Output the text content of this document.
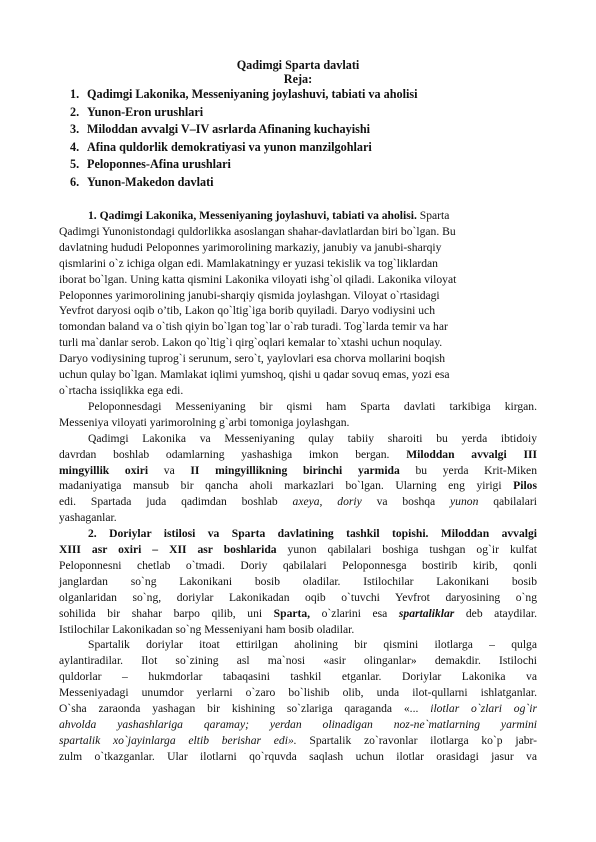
Qadimgi Sparta davlati
Reja:
1. Qadimgi Lakonika, Messeniyaning joylashuvi, tabiati va aholisi
2. Yunon-Eron urushlari
3. Miloddan avvalgi V–IV asrlarda Afinaning kuchayishi
4. Afina quldorlik demokratiyasi va yunon manzilgohlari
5. Peloponnes-Afina urushlari
6. Yunon-Makedon davlati

1. Qadimgi Lakonika, Messeniyaning joylashuvi, tabiati va aholisi. Sparta
Qadimgi Yunonistondagi quldorlikka asoslangan shahar-davlatlardan biri bo`lgan. Bu
davlatning hududi Peloponnes yarimorolining markaziy, janubiy va janubi-sharqiy
qismlarini o`z ichiga olgan edi. Mamlakatningy er yuzasi tekislik va tog`liklardan
iborat bo`lgan. Uning katta qismini Lakonika viloyati ishg`ol qiladi. Lakonika viloyat
Peloponnes yarimorolining janubi-sharqiy qismida joylashgan. Viloyat o`rtasidagi
Yevfrot daryosi oqib o’tib, Lakon qo`ltig`iga borib quyiladi. Daryo vodiysini uch
tomondan baland va o`tish qiyin bo`lgan tog`lar o`rab turadi. Tog`larda temir va har
turli ma`danlar serob. Lakon qo`ltig`i qirg`oqlari kemalar to`xtashi uchun noqulay.
Daryo vodiysining tuprog`i serunum, sero`t, yaylovlari esa chorva mollarini boqish
uchun qulay bo`lgan. Mamlakat iqlimi yumshoq, qishi u qadar sovuq emas, yozi esa
o`rtacha issiqlikka ega edi.

Peloponnesdagi Messeniyaning bir qismi ham Sparta davlati tarkibiga kirgan.
Messeniya viloyati yarimorolning g`arbi tomoniga joylashgan.

Qadimgi Lakonika va Messeniyaning qulay tabiiy sharoiti bu yerda ibtidoiy
davrdan boshlab odamlarning yashashiga imkon bergan. Miloddan avvalgi III
mingyillik oxiri va II mingyillikning birinchi yarmida bu yerda Krit-Miken
madaniyatiga mansub bir qancha aholi markazlari bo`lgan. Ularning eng yirigi Pilos
edi. Spartada juda qadimdan boshlab axeya, doriy va boshqa yunon qabilalari
yashaganlar.

2. Doriylar istilosi va Sparta davlatining tashkil topishi. Miloddan avvalgi
XIII asr oxiri – XII asr boshlarida yunon qabilalari boshiga tushgan og`ir kulfat
Peloponnesni chetlab o`tmadi. Doriy qabilalari Peloponnesga bostirib kirib, qonli
janglardan so`ng Lakonikani bosib oladilar. Istilochilar Lakonikani bosib
olganlaridan so`ng, doriylar Lakonikadan oqib o`tuvchi Yevfrot daryosining o`ng
sohilida bir shahar barpo qilib, uni Sparta, o`zlarini esa spartaliklar deb ataydilar.
Istilochilar Lakonikadan so`ng Messeniyani ham bosib oladilar.

Spartalik doriylar itoat ettirilgan aholining bir qismini ilotlarga – qulga
aylantiradilar. Ilot so`zining asl ma`nosi «asir olinganlar» demakdir. Istilochi
quldorlar – hukmdorlar tabaqasini tashkil etganlar. Doriylar Lakonika va
Messeniyadagi unumdor yerlarni o`zaro bo`lishib olib, unda ilot-qullarni ishlatganlar.
O`sha zaraonda yashagan bir kishining so`zlariga qaraganda «... ilotlar o`zlari og`ir
ahvolda yashashlariga qaramay; yerdan olinadigan noz-ne`matlarning yarmini
spartalik xo`jayinlarga eltib berishar edi». Spartalik zo`ravonlar ilotlarga ko`p jabr-
zulm o`tkazganlar. Ular ilotlarni qo`rquvda saqlash uchun ilotlar orasidagi jasur va
